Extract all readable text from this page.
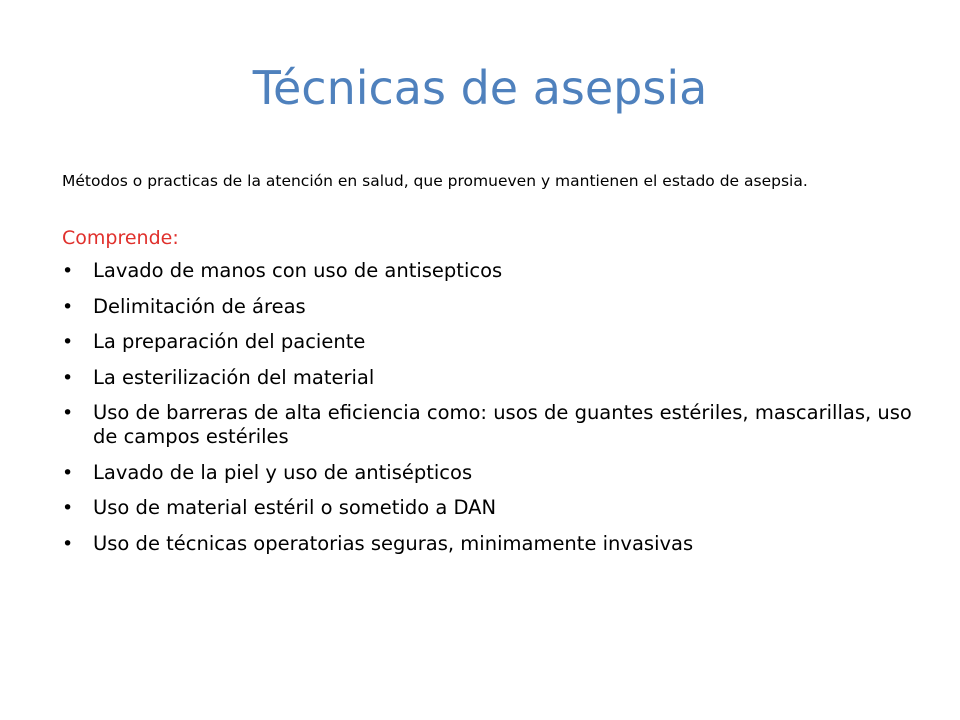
Técnicas de asepsia

Métodos o practicas de la atención en salud, que promueven y mantienen el estado de asepsia.

Comprende:

• Lavado de manos con uso de antisepticos
• Delimitación de áreas
• La preparación del paciente
• La esterilización del material
• Uso de barreras de alta eficiencia como: usos de guantes estériles, mascarillas, uso de campos estériles
• Lavado de la piel y uso de antisépticos
• Uso de material estéril o sometido a DAN
• Uso de técnicas operatorias seguras, minimamente invasivas
